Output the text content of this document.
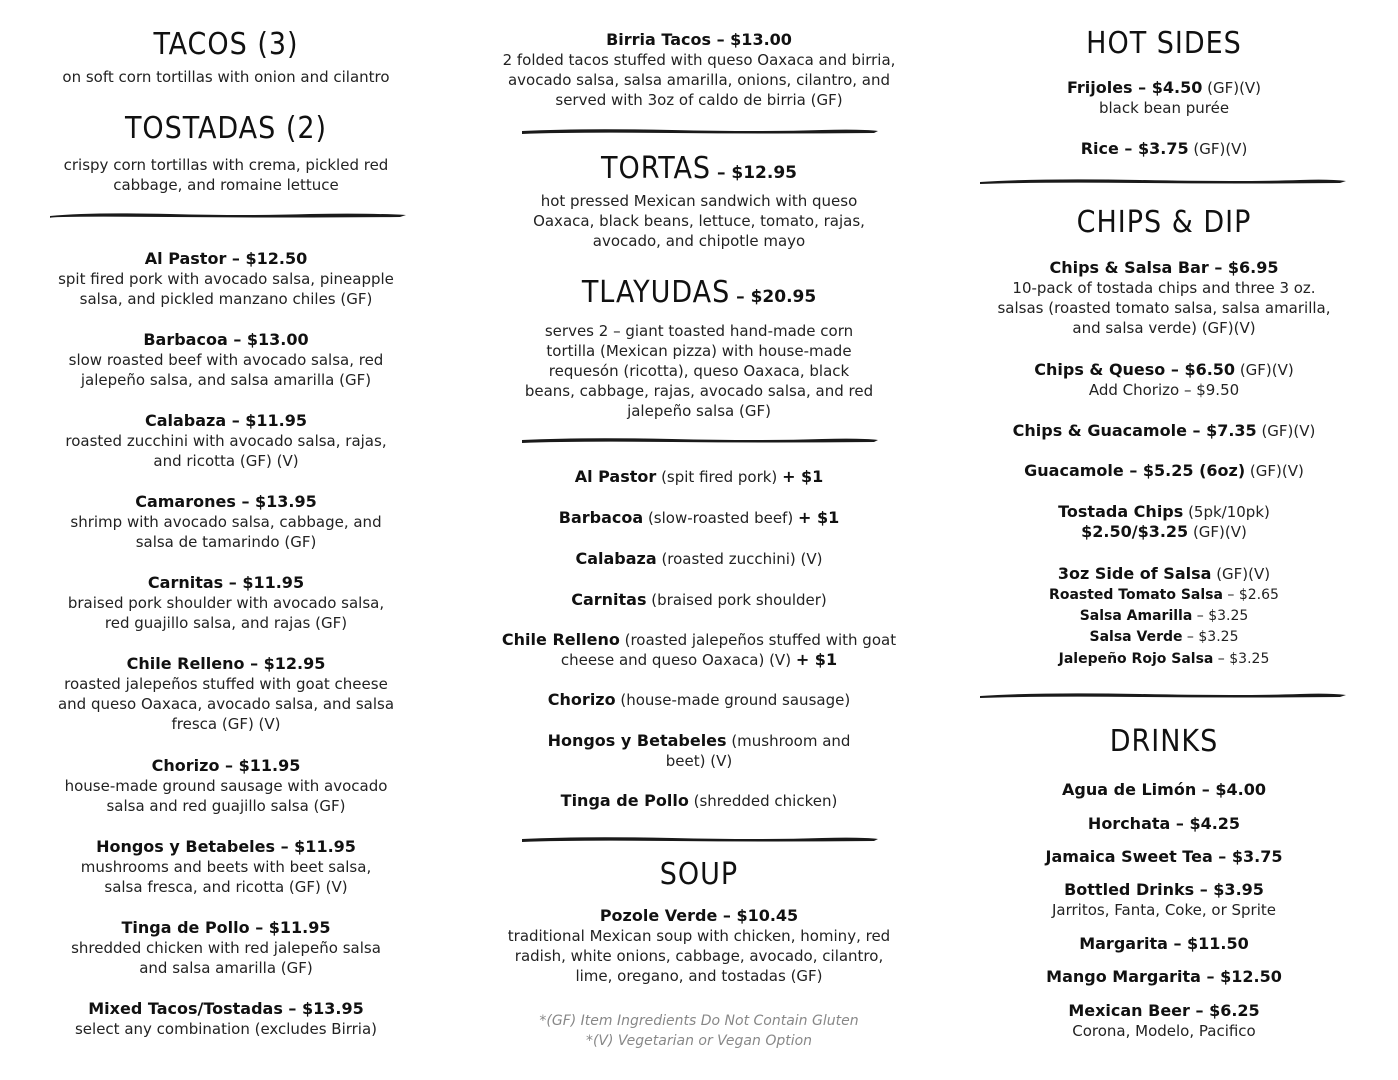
TACOS (3)
on soft corn tortillas with onion and cilantro
TOSTADAS (2)
crispy corn tortillas with crema, pickled red cabbage, and romaine lettuce
Al Pastor – $12.50
spit fired pork with avocado salsa, pineapple salsa, and pickled manzano chiles (GF)
Barbacoa – $13.00
slow roasted beef with avocado salsa, red jalepeño salsa, and salsa amarilla (GF)
Calabaza – $11.95
roasted zucchini with avocado salsa, rajas, and ricotta (GF) (V)
Camarones – $13.95
shrimp with avocado salsa, cabbage, and salsa de tamarindo (GF)
Carnitas – $11.95
braised pork shoulder with avocado salsa, red guajillo salsa, and rajas (GF)
Chile Relleno – $12.95
roasted jalepeños stuffed with goat cheese and queso Oaxaca, avocado salsa, and salsa fresca (GF) (V)
Chorizo – $11.95
house-made ground sausage with avocado salsa and red guajillo salsa (GF)
Hongos y Betabeles – $11.95
mushrooms and beets with beet salsa, salsa fresca, and ricotta (GF) (V)
Tinga de Pollo – $11.95
shredded chicken with red jalepeño salsa and salsa amarilla (GF)
Mixed Tacos/Tostadas – $13.95
select any combination (excludes Birria)
Birria Tacos – $13.00
2 folded tacos stuffed with queso Oaxaca and birria, avocado salsa, salsa amarilla, onions, cilantro, and served with 3oz of caldo de birria (GF)
TORTAS – $12.95
hot pressed Mexican sandwich with queso Oaxaca, black beans, lettuce, tomato, rajas, avocado, and chipotle mayo
TLAYUDAS – $20.95
serves 2 – giant toasted hand-made corn tortilla (Mexican pizza) with house-made requesón (ricotta), queso Oaxaca, black beans, cabbage, rajas, avocado salsa, and red jalepeño salsa (GF)
Al Pastor (spit fired pork) + $1
Barbacoa (slow-roasted beef) + $1
Calabaza (roasted zucchini) (V)
Carnitas (braised pork shoulder)
Chile Relleno (roasted jalepeños stuffed with goat cheese and queso Oaxaca) (V) + $1
Chorizo (house-made ground sausage)
Hongos y Betabeles (mushroom and beet) (V)
Tinga de Pollo (shredded chicken)
SOUP
Pozole Verde – $10.45
traditional Mexican soup with chicken, hominy, red radish, white onions, cabbage, avocado, cilantro, lime, oregano, and tostadas (GF)
*(GF) Item Ingredients Do Not Contain Gluten
*(V) Vegetarian or Vegan Option
HOT SIDES
Frijoles – $4.50 (GF)(V)
black bean purée
Rice – $3.75 (GF)(V)
CHIPS & DIP
Chips & Salsa Bar – $6.95
10-pack of tostada chips and three 3 oz. salsas (roasted tomato salsa, salsa amarilla, and salsa verde) (GF)(V)
Chips & Queso – $6.50 (GF)(V)
Add Chorizo – $9.50
Chips & Guacamole – $7.35 (GF)(V)
Guacamole – $5.25 (6oz) (GF)(V)
Tostada Chips (5pk/10pk)
$2.50/$3.25 (GF)(V)
3oz Side of Salsa (GF)(V)
Roasted Tomato Salsa – $2.65
Salsa Amarilla – $3.25
Salsa Verde – $3.25
Jalepeño Rojo Salsa – $3.25
DRINKS
Agua de Limón – $4.00
Horchata – $4.25
Jamaica Sweet Tea – $3.75
Bottled Drinks – $3.95
Jarritos, Fanta, Coke, or Sprite
Margarita – $11.50
Mango Margarita – $12.50
Mexican Beer – $6.25
Corona, Modelo, Pacifico
